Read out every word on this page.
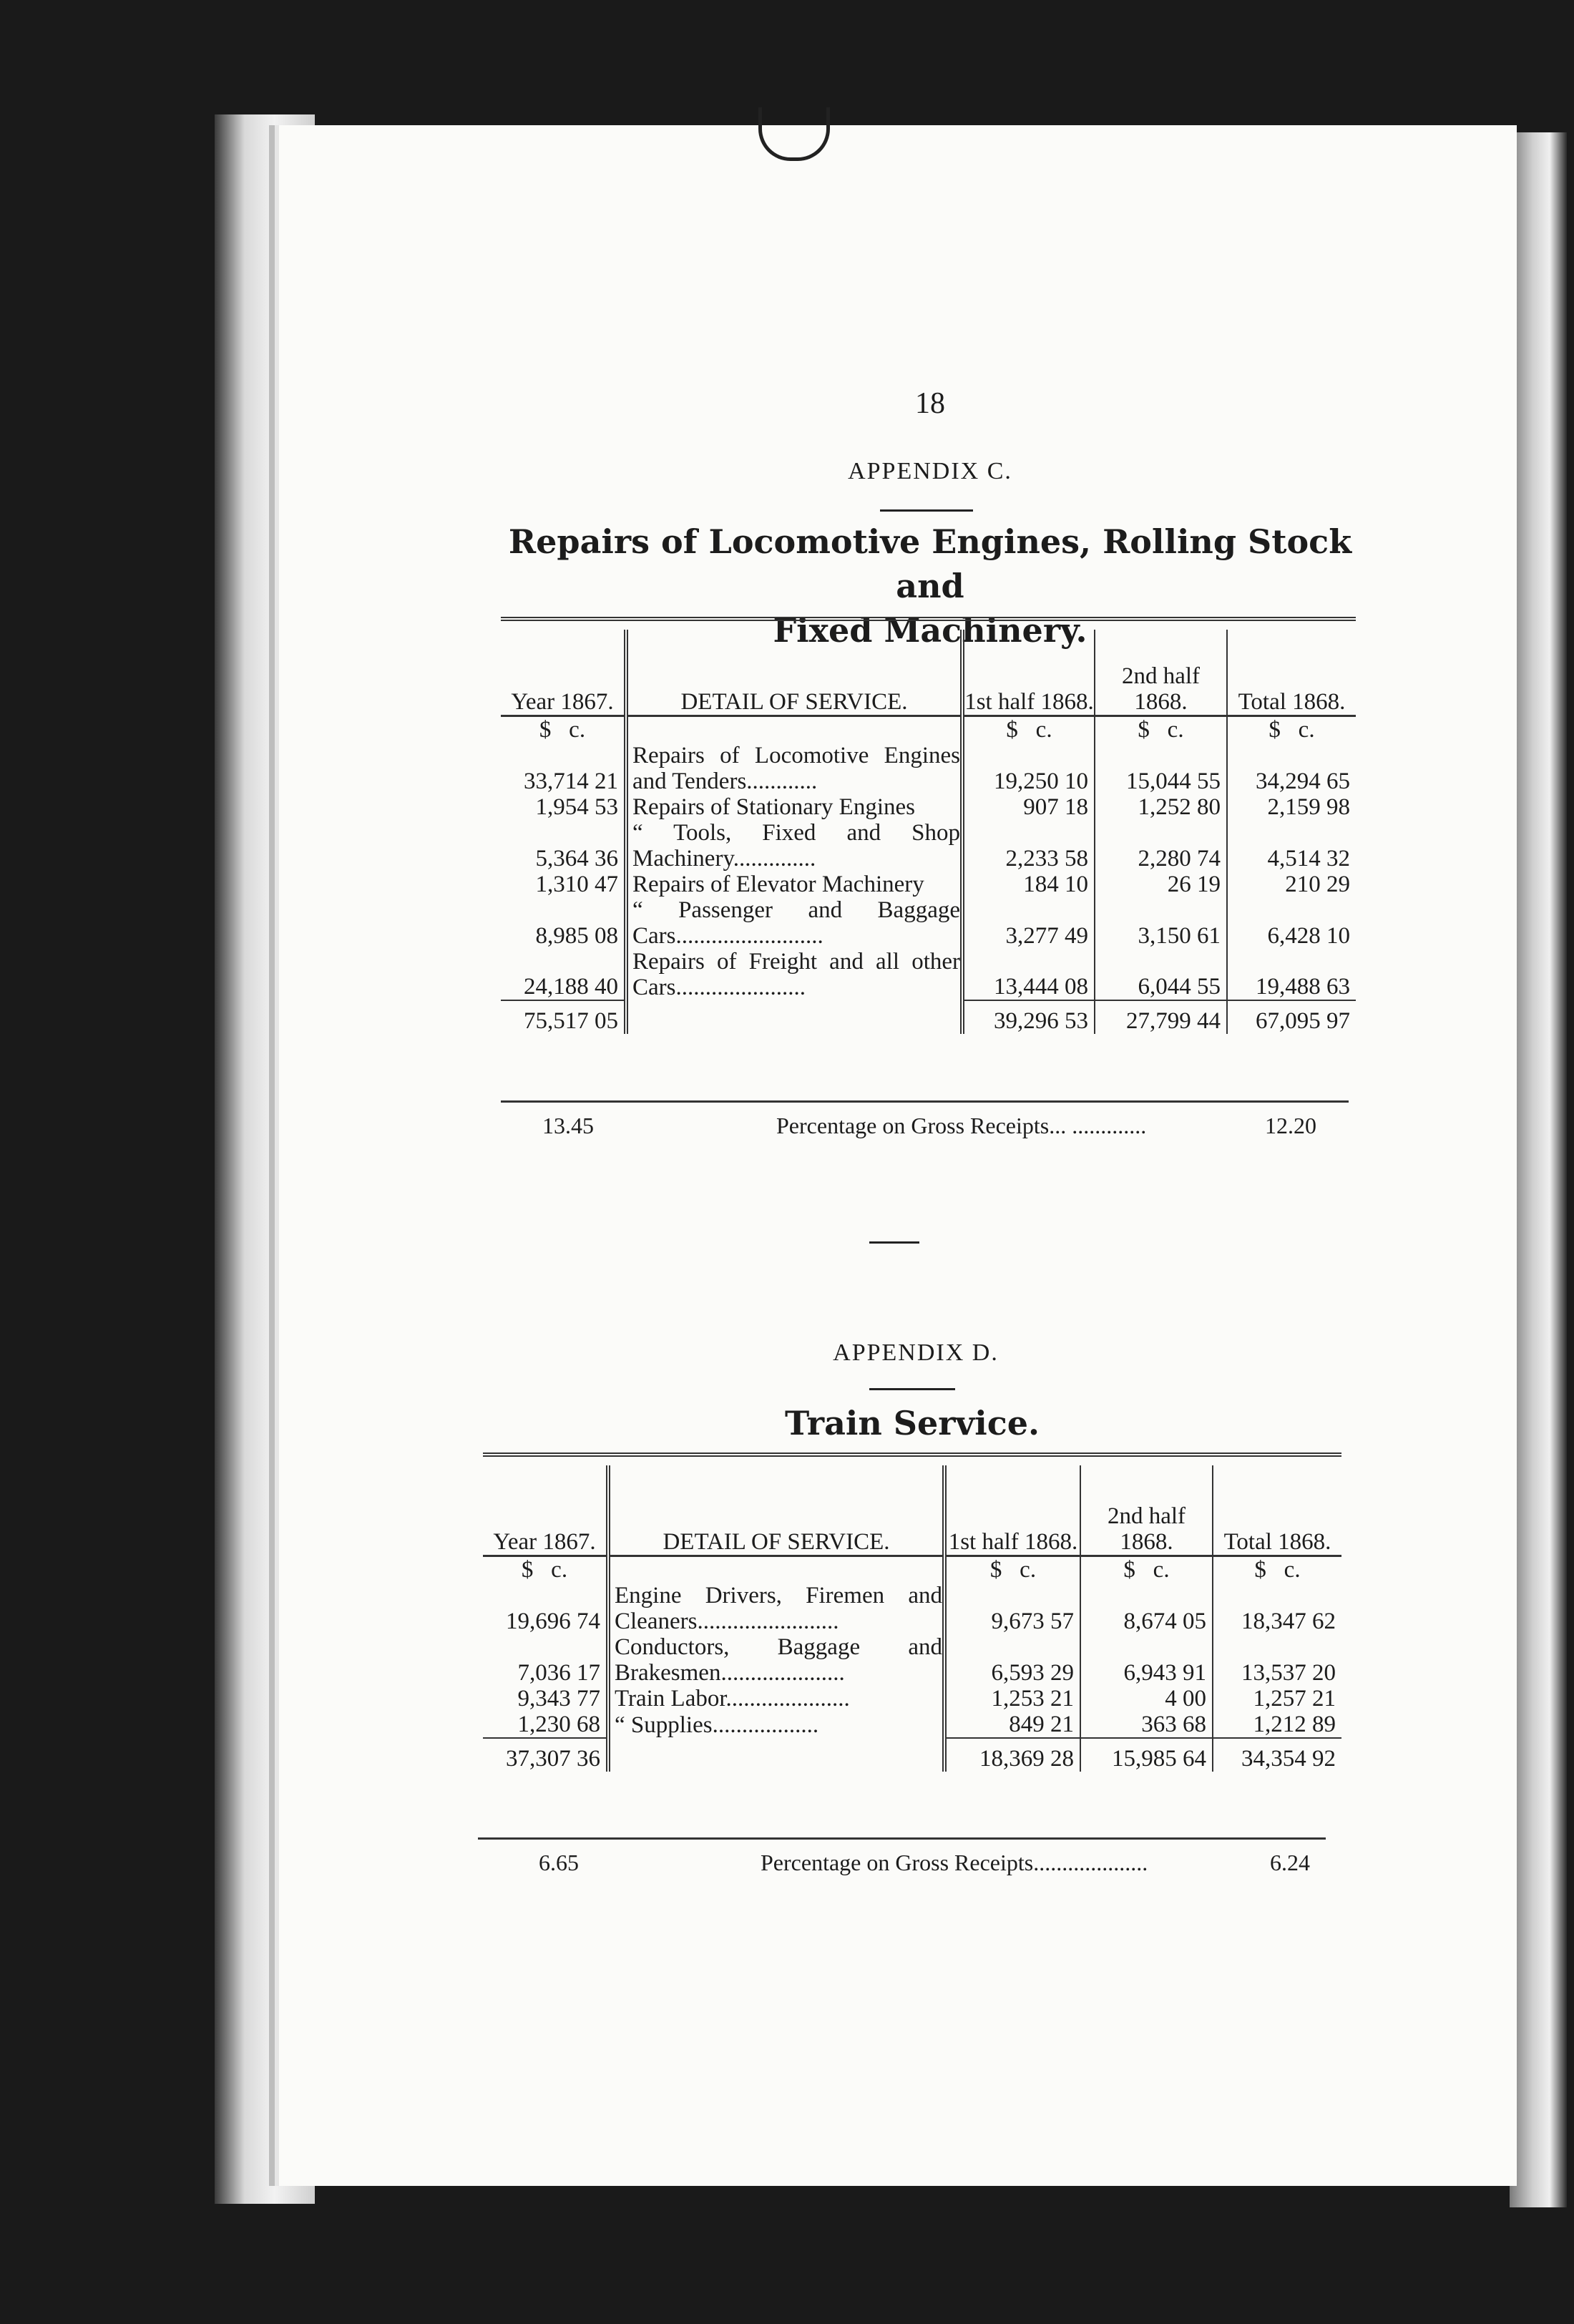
18
APPENDIX C.
Repairs of Locomotive Engines, Rolling Stock and
Fixed Machinery.
Year 1867.	DETAIL OF SERVICE.	1st half 1868.	2nd half 1868.	Total 1868.
$ c.		$ c.	$ c.	$ c.
33,714 21	Repairs of Locomotive Engines and Tenders............	19,250 10	15,044 55	34,294 65
1,954 53	Repairs of Stationary Engines	907 18	1,252 80	2,159 98
5,364 36	“ Tools, Fixed and Shop Machinery..............	2,233 58	2,280 74	4,514 32
1,310 47	Repairs of Elevator Machinery	184 10	26 19	210 29
8,985 08	“ Passenger and Baggage Cars.........................	3,277 49	3,150 61	6,428 10
24,188 40	Repairs of Freight and all other Cars......................	13,444 08	6,044 55	19,488 63
75,517 05		39,296 53	27,799 44	67,095 97
13.45	Percentage on Gross Receipts... .............	12.20
APPENDIX D.
Train Service.
Year 1867.	DETAIL OF SERVICE.	1st half 1868.	2nd half 1868.	Total 1868.
$ c.		$ c.	$ c.	$ c.
19,696 74	Engine Drivers, Firemen and Cleaners........................	9,673 57	8,674 05	18,347 62
7,036 17	Conductors, Baggage and Brakesmen.....................	6,593 29	6,943 91	13,537 20
9,343 77	Train Labor.....................	1,253 21	4 00	1,257 21
1,230 68	“ Supplies..................	849 21	363 68	1,212 89
37,307 36		18,369 28	15,985 64	34,354 92
6.65	Percentage on Gross Receipts....................	6.24
